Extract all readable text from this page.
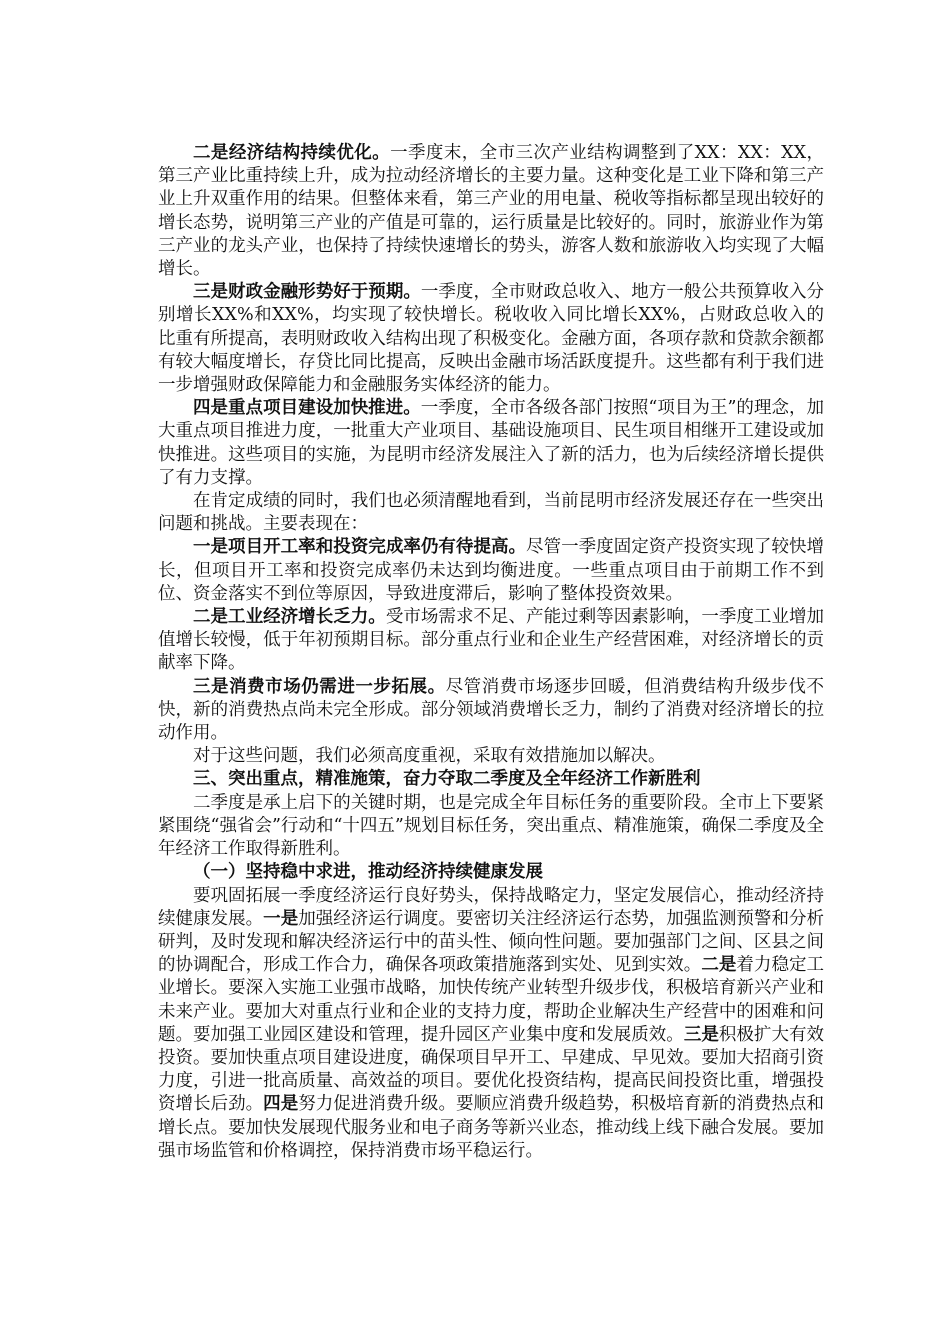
二是经济结构持续优化。一季度末，全市三次产业结构调整到了XX：XX：XX，第三产业比重持续上升，成为拉动经济增长的主要力量。这种变化是工业下降和第三产业上升双重作用的结果。但整体来看，第三产业的用电量、税收等指标都呈现出较好的增长态势，说明第三产业的产值是可靠的，运行质量是比较好的。同时，旅游业作为第三产业的龙头产业，也保持了持续快速增长的势头，游客人数和旅游收入均实现了大幅增长。

三是财政金融形势好于预期。一季度，全市财政总收入、地方一般公共预算收入分别增长XX%和XX%，均实现了较快增长。税收收入同比增长XX%，占财政总收入的比重有所提高，表明财政收入结构出现了积极变化。金融方面，各项存款和贷款余额都有较大幅度增长，存贷比同比提高，反映出金融市场活跃度提升。这些都有利于我们进一步增强财政保障能力和金融服务实体经济的能力。

四是重点项目建设加快推进。一季度，全市各级各部门按照“项目为王”的理念，加大重点项目推进力度，一批重大产业项目、基础设施项目、民生项目相继开工建设或加快推进。这些项目的实施，为昆明市经济发展注入了新的活力，也为后续经济增长提供了有力支撑。

在肯定成绩的同时，我们也必须清醒地看到，当前昆明市经济发展还存在一些突出问题和挑战。主要表现在：

一是项目开工率和投资完成率仍有待提高。尽管一季度固定资产投资实现了较快增长，但项目开工率和投资完成率仍未达到均衡进度。一些重点项目由于前期工作不到位、资金落实不到位等原因，导致进度滞后，影响了整体投资效果。

二是工业经济增长乏力。受市场需求不足、产能过剩等因素影响，一季度工业增加值增长较慢，低于年初预期目标。部分重点行业和企业生产经营困难，对经济增长的贡献率下降。

三是消费市场仍需进一步拓展。尽管消费市场逐步回暖，但消费结构升级步伐不快，新的消费热点尚未完全形成。部分领域消费增长乏力，制约了消费对经济增长的拉动作用。

对于这些问题，我们必须高度重视，采取有效措施加以解决。

三、突出重点，精准施策，奋力夺取二季度及全年经济工作新胜利

二季度是承上启下的关键时期，也是完成全年目标任务的重要阶段。全市上下要紧紧围绕“强省会”行动和“十四五”规划目标任务，突出重点、精准施策，确保二季度及全年经济工作取得新胜利。

（一）坚持稳中求进，推动经济持续健康发展

要巩固拓展一季度经济运行良好势头，保持战略定力，坚定发展信心，推动经济持续健康发展。一是加强经济运行调度。要密切关注经济运行态势，加强监测预警和分析研判，及时发现和解决经济运行中的苗头性、倾向性问题。要加强部门之间、区县之间的协调配合，形成工作合力，确保各项政策措施落到实处、见到实效。二是着力稳定工业增长。要深入实施工业强市战略，加快传统产业转型升级步伐，积极培育新兴产业和未来产业。要加大对重点行业和企业的支持力度，帮助企业解决生产经营中的困难和问题。要加强工业园区建设和管理，提升园区产业集中度和发展质效。三是积极扩大有效投资。要加快重点项目建设进度，确保项目早开工、早建成、早见效。要加大招商引资力度，引进一批高质量、高效益的项目。要优化投资结构，提高民间投资比重，增强投资增长后劲。四是努力促进消费升级。要顺应消费升级趋势，积极培育新的消费热点和增长点。要加快发展现代服务业和电子商务等新兴业态，推动线上线下融合发展。要加强市场监管和价格调控，保持消费市场平稳运行。
